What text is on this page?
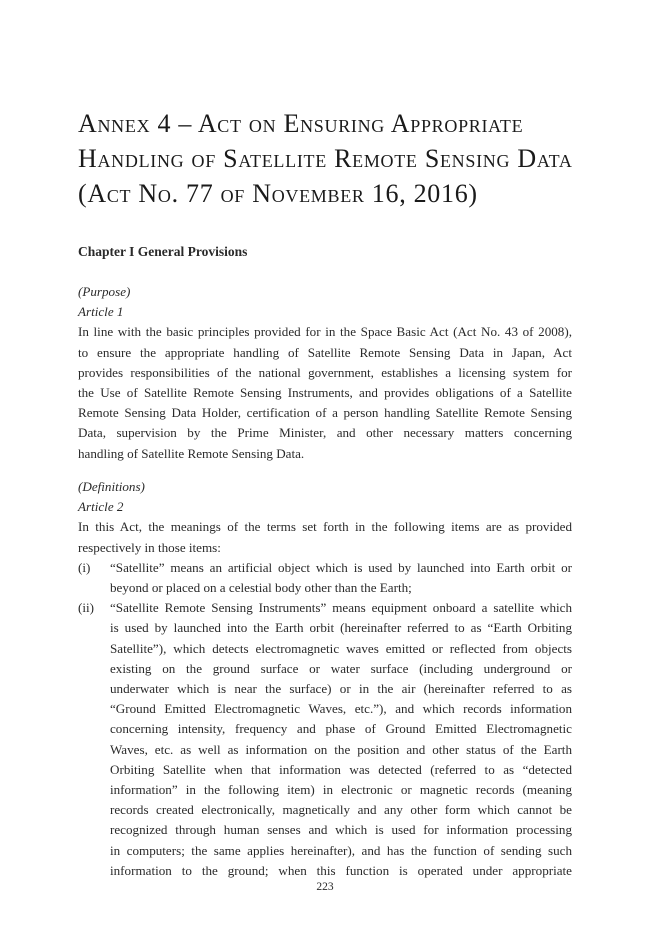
Annex 4 – Act on Ensuring Appropriate
Handling of Satellite Remote Sensing Data
(Act No. 77 of November 16, 2016)
Chapter I General Provisions
(Purpose)
Article 1
In line with the basic principles provided for in the Space Basic Act (Act No. 43 of 2008),
to ensure the appropriate handling of Satellite Remote Sensing Data in Japan, Act
provides responsibilities of the national government, establishes a licensing system for
the Use of Satellite Remote Sensing Instruments, and provides obligations of a Satellite
Remote Sensing Data Holder, certification of a person handling Satellite Remote Sensing
Data, supervision by the Prime Minister, and other necessary matters concerning
handling of Satellite Remote Sensing Data.
(Definitions)
Article 2
In this Act, the meanings of the terms set forth in the following items are as provided
respectively in those items:
(i) “Satellite” means an artificial object which is used by launched into Earth orbit or
beyond or placed on a celestial body other than the Earth;
(ii) “Satellite Remote Sensing Instruments” means equipment onboard a satellite which
is used by launched into the Earth orbit (hereinafter referred to as “Earth Orbiting
Satellite”), which detects electromagnetic waves emitted or reflected from objects
existing on the ground surface or water surface (including underground or
underwater which is near the surface) or in the air (hereinafter referred to as
“Ground Emitted Electromagnetic Waves, etc.”), and which records information
concerning intensity, frequency and phase of Ground Emitted Electromagnetic
Waves, etc. as well as information on the position and other status of the Earth
Orbiting Satellite when that information was detected (referred to as “detected
information” in the following item) in electronic or magnetic records (meaning
records created electronically, magnetically and any other form which cannot be
recognized through human senses and which is used for information processing
in computers; the same applies hereinafter), and has the function of sending such
information to the ground; when this function is operated under appropriate
223
